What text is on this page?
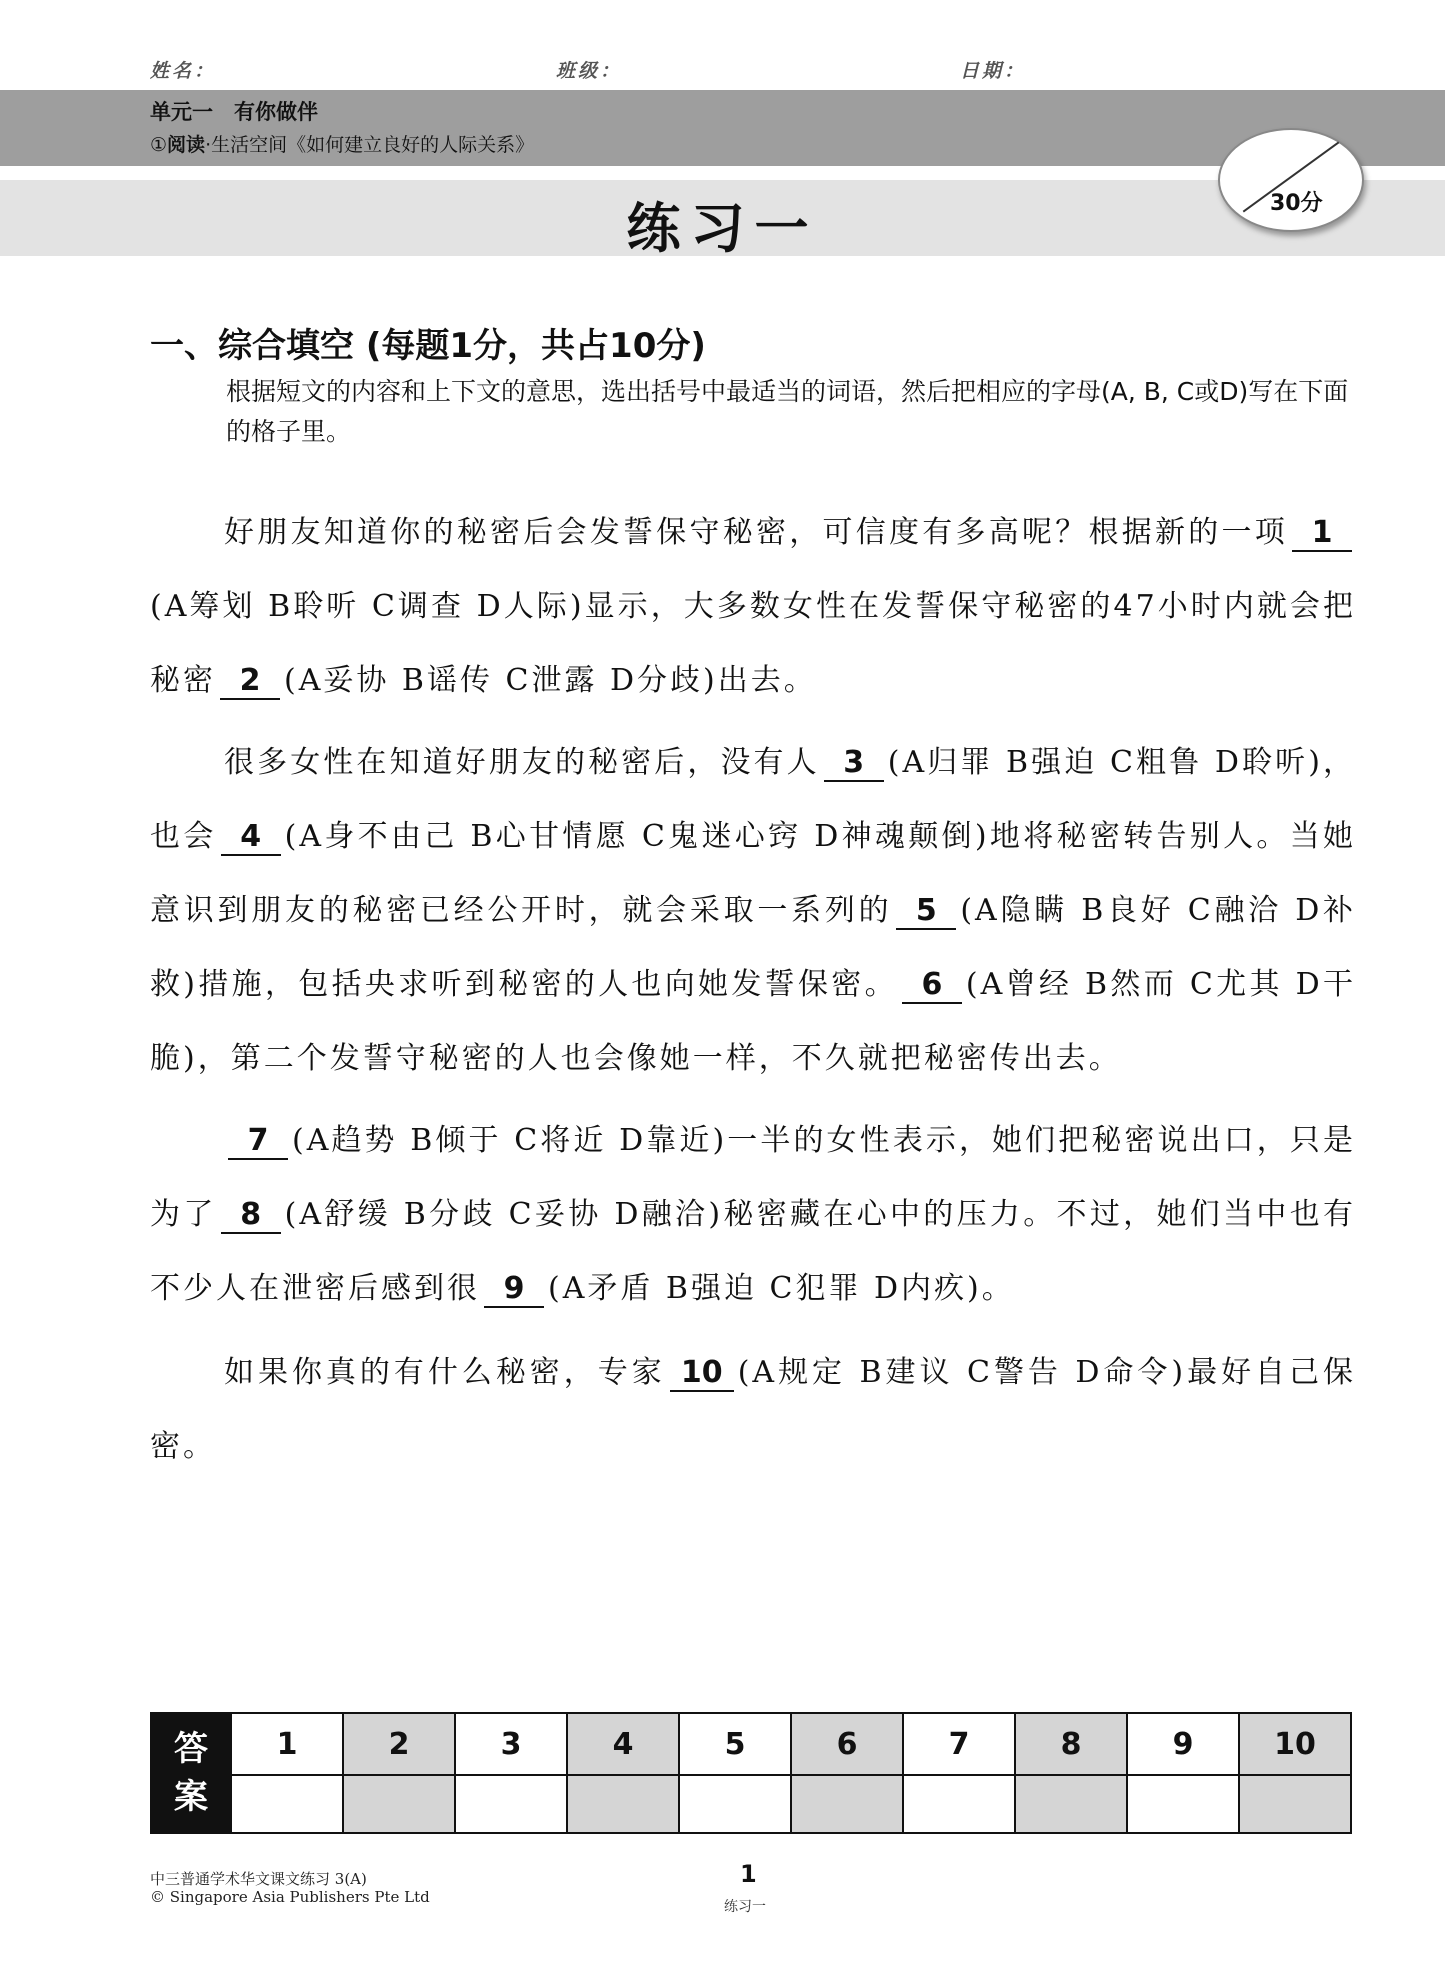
姓名：	班级：	日期：
单元一　有你做伴
①阅读·生活空间《如何建立良好的人际关系》
练习一	30分
一、综合填空 (每题1分，共占10分)
根据短文的内容和上下文的意思，选出括号中最适当的词语，然后把相应的字母(A, B, C或D)写在下面的格子里。

好朋友知道你的秘密后会发誓保守秘密，可信度有多高呢？根据新的一项 1(A筹划 B聆听 C调查 D人际)显示，大多数女性在发誓保守秘密的47小时内就会把秘密 2 (A妥协 B谣传 C泄露 D分歧)出去。

很多女性在知道好朋友的秘密后，没有人 3 (A归罪 B强迫 C粗鲁 D聆听)，也会 4 (A身不由己 B心甘情愿 C鬼迷心窍 D神魂颠倒)地将秘密转告别人。当她意识到朋友的秘密已经公开时，就会采取一系列的 5 (A隐瞒 B良好 C融洽 D补救)措施，包括央求听到秘密的人也向她发誓保密。 6 (A曾经 B然而 C尤其 D干脆)，第二个发誓守秘密的人也会像她一样，不久就把秘密传出去。

7 (A趋势 B倾于 C将近 D靠近)一半的女性表示，她们把秘密说出口，只是为了 8 (A舒缓 B分歧 C妥协 D融洽)秘密藏在心中的压力。不过，她们当中也有不少人在泄密后感到很 9 (A矛盾 B强迫 C犯罪 D内疚)。

如果你真的有什么秘密，专家 10 (A规定 B建议 C警告 D命令)最好自己保密。

答
案	1	2	3	4	5	6	7	8	9	10

中三普通学术华文课文练习 3(A)
© Singapore Asia Publishers Pte Ltd
1
练习一
